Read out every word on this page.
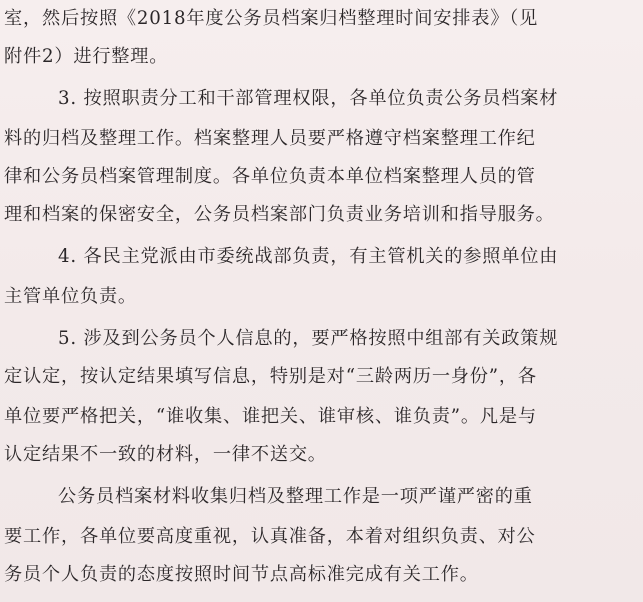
室，然后按照《2018年度公务员档案归档整理时间安排表》（见
附件2）进行整理。
3. 按照职责分工和干部管理权限，各单位负责公务员档案材
料的归档及整理工作。档案整理人员要严格遵守档案整理工作纪
律和公务员档案管理制度。各单位负责本单位档案整理人员的管
理和档案的保密安全，公务员档案部门负责业务培训和指导服务。
4. 各民主党派由市委统战部负责，有主管机关的参照单位由
主管单位负责。
5. 涉及到公务员个人信息的，要严格按照中组部有关政策规
定认定，按认定结果填写信息，特别是对“三龄两历一身份”，各
单位要严格把关，“谁收集、谁把关、谁审核、谁负责”。凡是与
认定结果不一致的材料，一律不送交。
公务员档案材料收集归档及整理工作是一项严谨严密的重
要工作，各单位要高度重视，认真准备，本着对组织负责、对公
务员个人负责的态度按照时间节点高标准完成有关工作。
